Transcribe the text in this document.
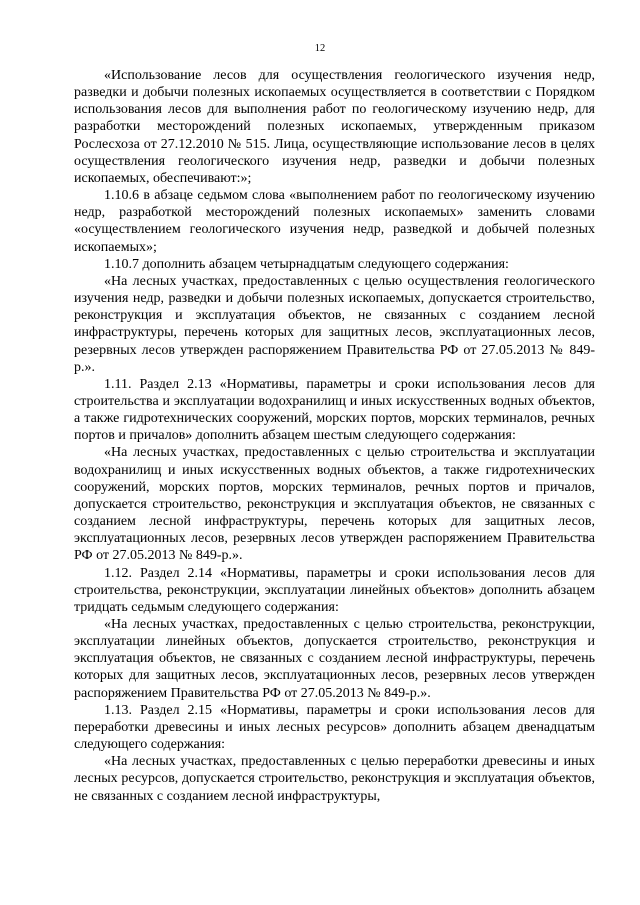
12

«Использование лесов для осуществления геологического изучения недр, разведки и добычи полезных ископаемых осуществляется в соответствии с Порядком использования лесов для выполнения работ по геологическому изучению недр, для разработки месторождений полезных ископаемых, утвержденным приказом Рослесхоза от 27.12.2010 № 515. Лица, осуществляющие использование лесов в целях осуществления геологического изучения недр, разведки и добычи полезных ископаемых, обеспечивают:»;

1.10.6 в абзаце седьмом слова «выполнением работ по геологическому изучению недр, разработкой месторождений полезных ископаемых» заменить словами «осуществлением геологического изучения недр, разведкой и добычей полезных ископаемых»;

1.10.7 дополнить абзацем четырнадцатым следующего содержания:

«На лесных участках, предоставленных с целью осуществления геологического изучения недр, разведки и добычи полезных ископаемых, допускается строительство, реконструкция и эксплуатация объектов, не связанных с созданием лесной инфраструктуры, перечень которых для защитных лесов, эксплуатационных лесов, резервных лесов утвержден распоряжением Правительства РФ от 27.05.2013 № 849-р.».

1.11. Раздел 2.13 «Нормативы, параметры и сроки использования лесов для строительства и эксплуатации водохранилищ и иных искусственных водных объектов, а также гидротехнических сооружений, морских портов, морских терминалов, речных портов и причалов» дополнить абзацем шестым следующего содержания:

«На лесных участках, предоставленных с целью строительства и эксплуатации водохранилищ и иных искусственных водных объектов, а также гидротехнических сооружений, морских портов, морских терминалов, речных портов и причалов, допускается строительство, реконструкция и эксплуатация объектов, не связанных с созданием лесной инфраструктуры, перечень которых для защитных лесов, эксплуатационных лесов, резервных лесов утвержден распоряжением Правительства РФ от 27.05.2013 № 849-р.».

1.12. Раздел 2.14 «Нормативы, параметры и сроки использования лесов для строительства, реконструкции, эксплуатации линейных объектов» дополнить абзацем тридцать седьмым следующего содержания:

«На лесных участках, предоставленных с целью строительства, реконструкции, эксплуатации линейных объектов, допускается строительство, реконструкция и эксплуатация объектов, не связанных с созданием лесной инфраструктуры, перечень которых для защитных лесов, эксплуатационных лесов, резервных лесов утвержден распоряжением Правительства РФ от 27.05.2013 № 849-р.».

1.13. Раздел 2.15 «Нормативы, параметры и сроки использования лесов для переработки древесины и иных лесных ресурсов» дополнить абзацем двенадцатым следующего содержания:

«На лесных участках, предоставленных с целью переработки древесины и иных лесных ресурсов, допускается строительство, реконструкция и эксплуатация объектов, не связанных с созданием лесной инфраструктуры,
